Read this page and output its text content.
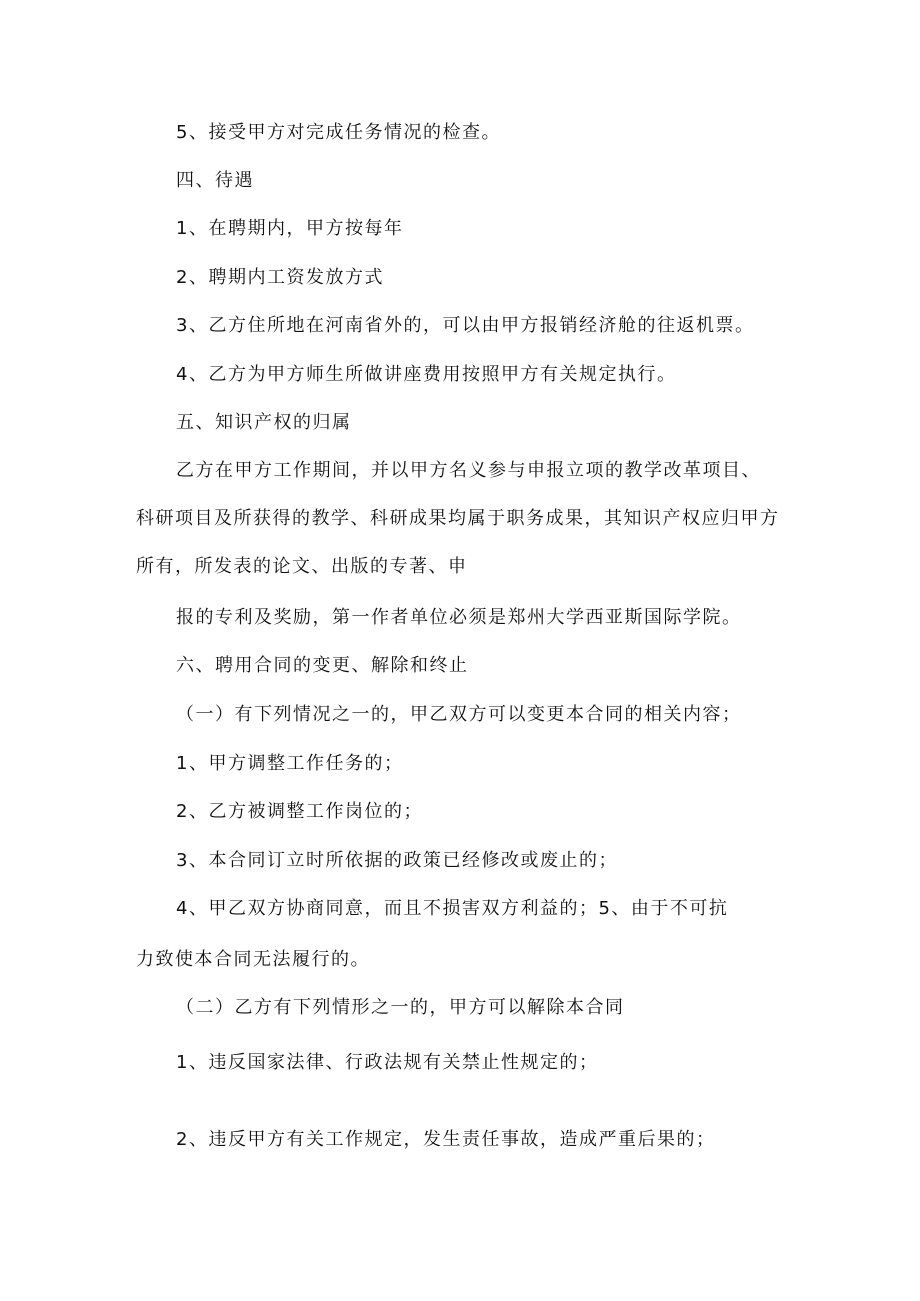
5、接受甲方对完成任务情况的检查。

四、待遇

1、在聘期内，甲方按每年

2、聘期内工资发放方式

3、乙方住所地在河南省外的，可以由甲方报销经济舱的往返机票。

4、乙方为甲方师生所做讲座费用按照甲方有关规定执行。

五、知识产权的归属

乙方在甲方工作期间，并以甲方名义参与申报立项的教学改革项目、

科研项目及所获得的教学、科研成果均属于职务成果，其知识产权应归甲方

所有，所发表的论文、出版的专著、申

报的专利及奖励，第一作者单位必须是郑州大学西亚斯国际学院。

六、聘用合同的变更、解除和终止

（一）有下列情况之一的，甲乙双方可以变更本合同的相关内容；

1、甲方调整工作任务的；

2、乙方被调整工作岗位的；

3、本合同订立时所依据的政策已经修改或废止的；

4、甲乙双方协商同意，而且不损害双方利益的；5、由于不可抗

力致使本合同无法履行的。

（二）乙方有下列情形之一的，甲方可以解除本合同

1、违反国家法律、行政法规有关禁止性规定的；

2、违反甲方有关工作规定，发生责任事故，造成严重后果的；
